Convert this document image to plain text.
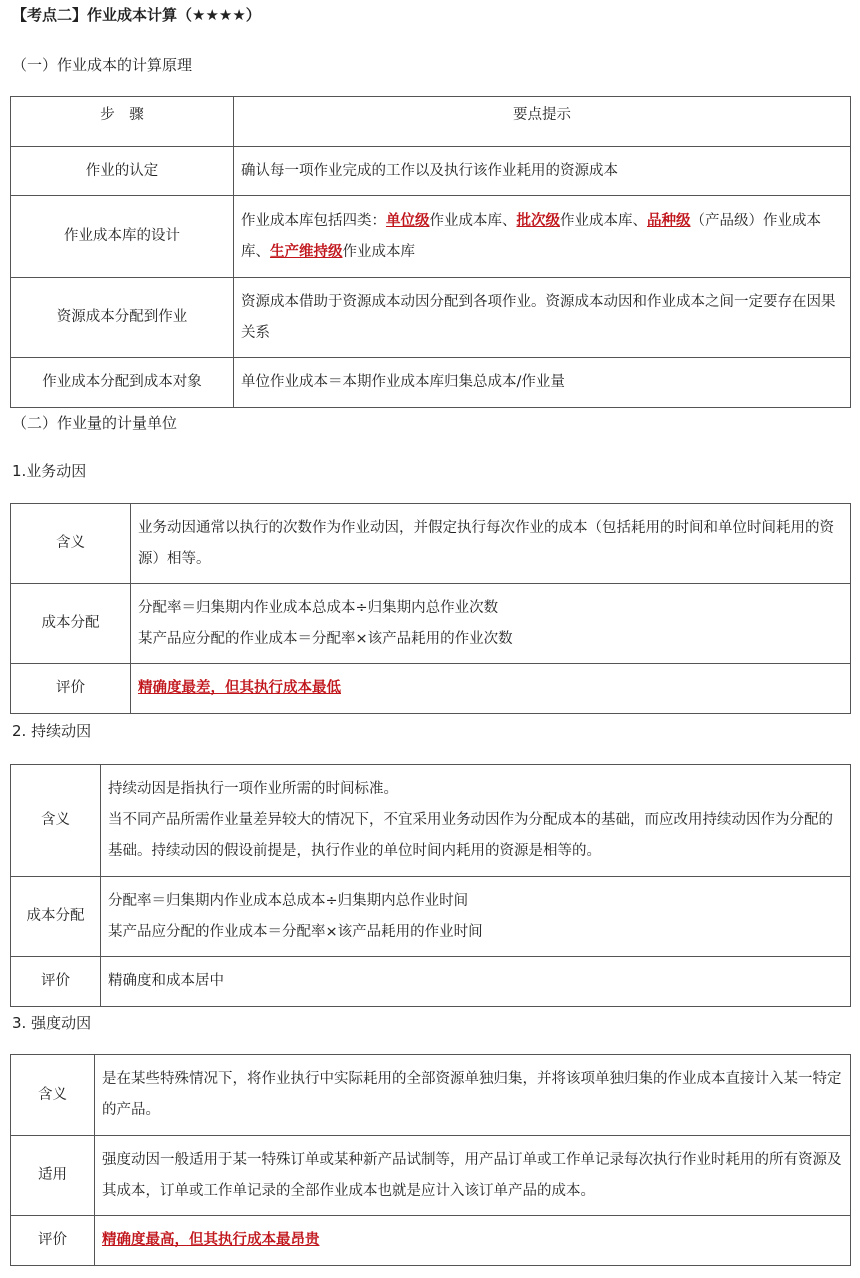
【考点二】作业成本计算（★★★★）
（一）作业成本的计算原理
步　骤	要点提示
作业的认定	确认每一项作业完成的工作以及执行该作业耗用的资源成本
作业成本库的设计	作业成本库包括四类：单位级作业成本库、批次级作业成本库、品种级（产品级）作业成本库、生产维持级作业成本库
资源成本分配到作业	资源成本借助于资源成本动因分配到各项作业。资源成本动因和作业成本之间一定要存在因果关系
作业成本分配到成本对象	单位作业成本＝本期作业成本库归集总成本/作业量
（二）作业量的计量单位
1.业务动因
含义	业务动因通常以执行的次数作为作业动因，并假定执行每次作业的成本（包括耗用的时间和单位时间耗用的资源）相等。
成本分配	分配率＝归集期内作业成本总成本÷归集期内总作业次数
某产品应分配的作业成本＝分配率×该产品耗用的作业次数

评价	精确度最差，但其执行成本最低
2. 持续动因
含义	持续动因是指执行一项作业所需的时间标准。
当不同产品所需作业量差异较大的情况下，不宜采用业务动因作为分配成本的基础，而应改用持续动因作为分配的基础。持续动因的假设前提是，执行作业的单位时间内耗用的资源是相等的。

成本分配	分配率＝归集期内作业成本总成本÷归集期内总作业时间
某产品应分配的作业成本＝分配率×该产品耗用的作业时间

评价	精确度和成本居中
3. 强度动因
含义	是在某些特殊情况下，将作业执行中实际耗用的全部资源单独归集，并将该项单独归集的作业成本直接计入某一特定的产品。
适用	强度动因一般适用于某一特殊订单或某种新产品试制等，用产品订单或工作单记录每次执行作业时耗用的所有资源及其成本，订单或工作单记录的全部作业成本也就是应计入该订单产品的成本。
评价	精确度最高，但其执行成本最昂贵
